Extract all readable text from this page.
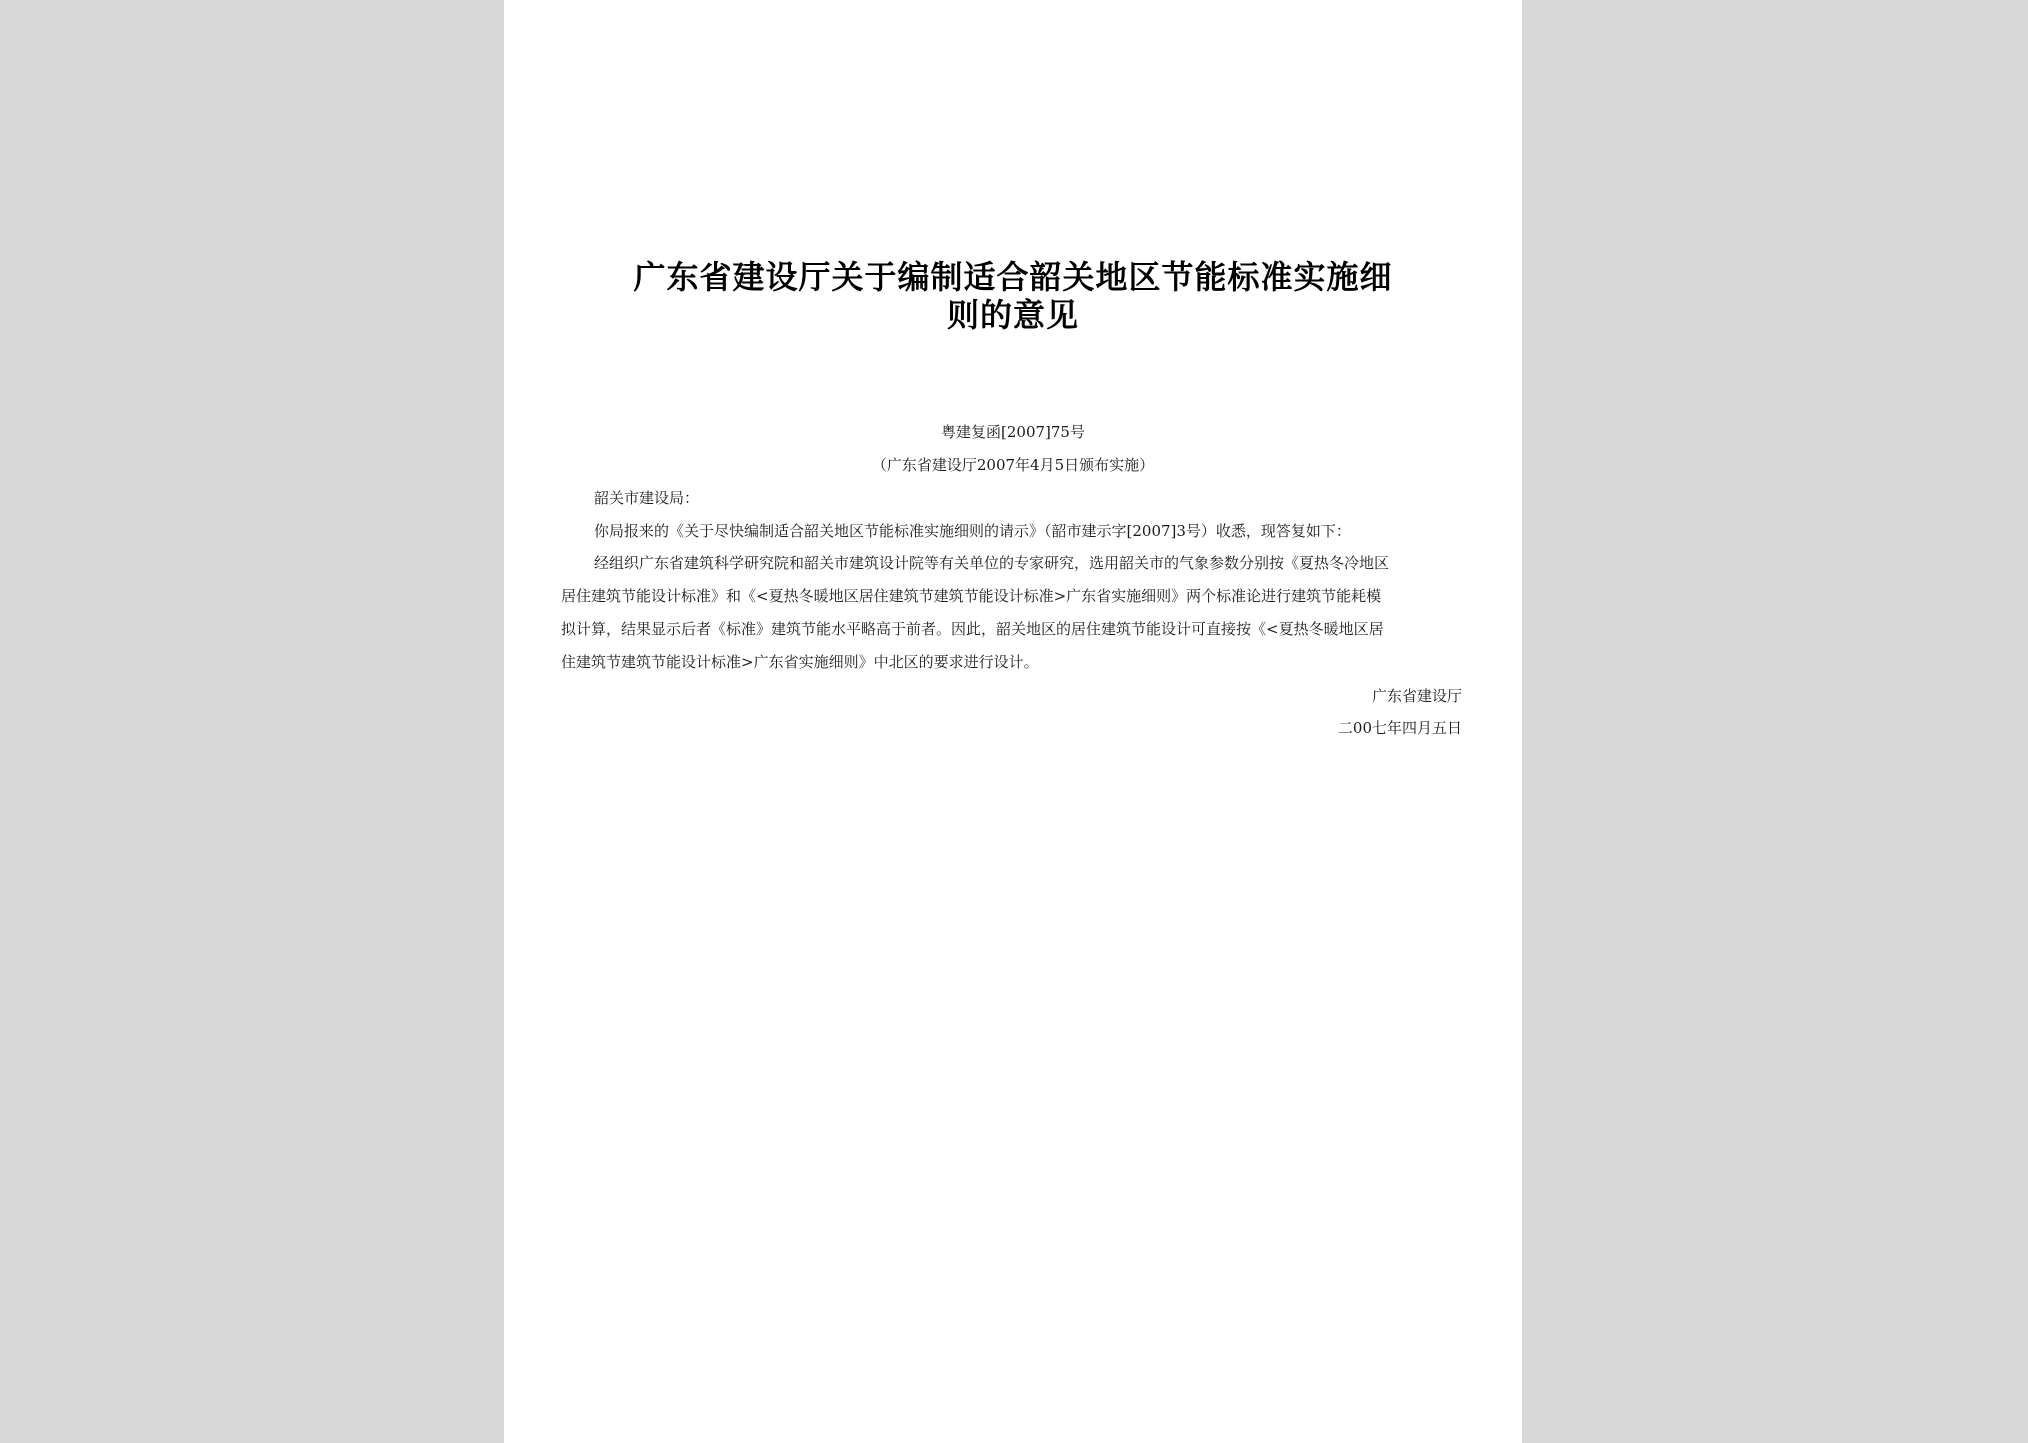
广东省建设厅关于编制适合韶关地区节能标准实施细
则的意见
粤建复函[2007]75号
（广东省建设厅2007年4月5日颁布实施）
韶关市建设局：
你局报来的《关于尽快编制适合韶关地区节能标准实施细则的请示》（韶市建示字[2007]3号）收悉，现答复如下：
经组织广东省建筑科学研究院和韶关市建筑设计院等有关单位的专家研究，选用韶关市的气象参数分别按《夏热冬冷地区
居住建筑节能设计标准》和《<夏热冬暖地区居住建筑节建筑节能设计标准>广东省实施细则》两个标准论进行建筑节能耗模
拟计算，结果显示后者《标准》建筑节能水平略高于前者。因此，韶关地区的居住建筑节能设计可直接按《<夏热冬暖地区居
住建筑节建筑节能设计标准>广东省实施细则》中北区的要求进行设计。
广东省建设厅
二00七年四月五日
